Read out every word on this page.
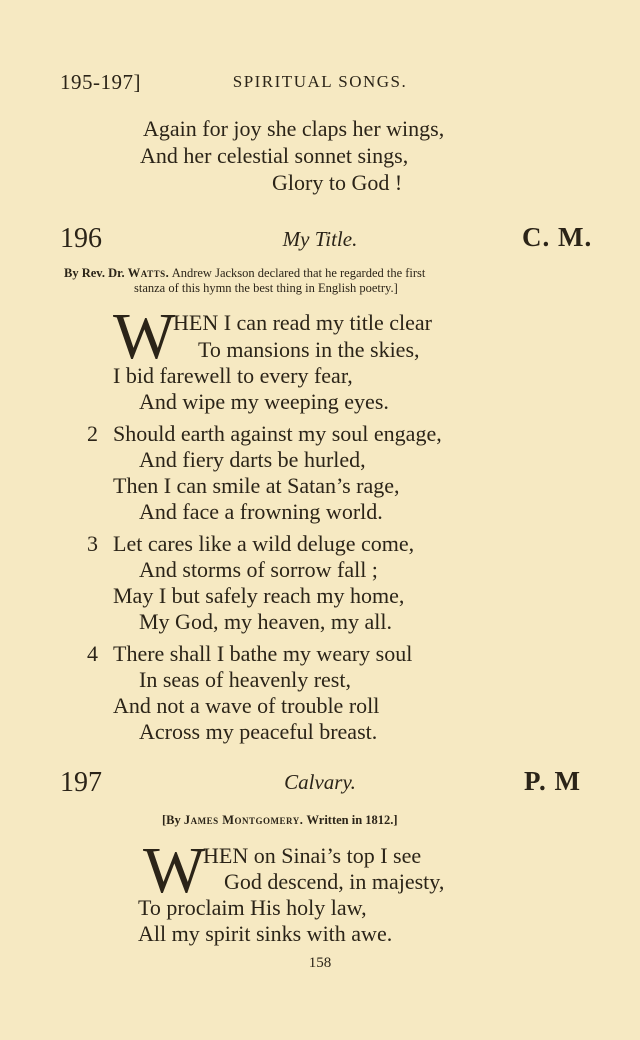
195-197]	SPIRITUAL SONGS.
Again for joy she claps her wings,
And her celestial sonnet sings,
Glory to God !
196	My Title.	C. M.
By Rev. Dr. Watts. Andrew Jackson declared that he regarded the first
stanza of this hymn the best thing in English poetry.]
W
HEN I can read my title clear
To mansions in the skies,
I bid farewell to every fear,
And wipe my weeping eyes.
2 Should earth against my soul engage,
And fiery darts be hurled,
Then I can smile at Satan’s rage,
And face a frowning world.
3 Let cares like a wild deluge come,
And storms of sorrow fall ;
May I but safely reach my home,
My God, my heaven, my all.
4 There shall I bathe my weary soul
In seas of heavenly rest,
And not a wave of trouble roll
Across my peaceful breast.
197	Calvary.	P. M
[By James Montgomery. Written in 1812.]
W
HEN on Sinai’s top I see
God descend, in majesty,
To proclaim His holy law,
All my spirit sinks with awe.
158
